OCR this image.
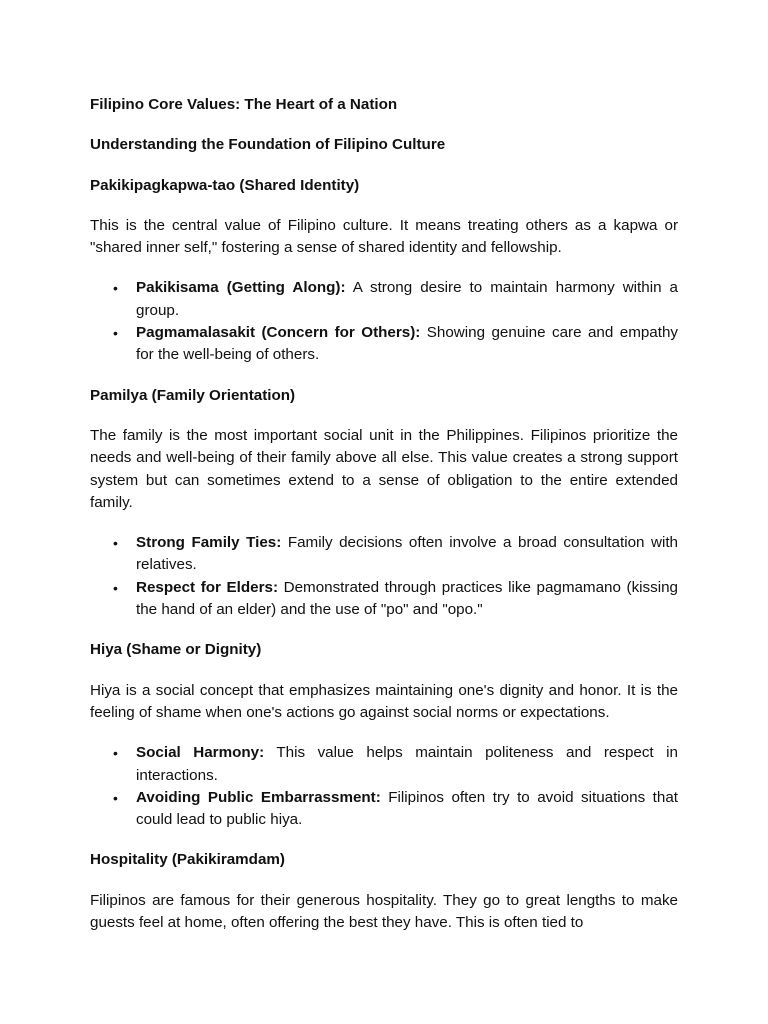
Filipino Core Values: The Heart of a Nation
Understanding the Foundation of Filipino Culture
Pakikipagkapwa-tao (Shared Identity)
This is the central value of Filipino culture. It means treating others as a kapwa or "shared inner self," fostering a sense of shared identity and fellowship.
• Pakikisama (Getting Along): A strong desire to maintain harmony within a group.
• Pagmamalasakit (Concern for Others): Showing genuine care and empathy for the well-being of others.
Pamilya (Family Orientation)
The family is the most important social unit in the Philippines. Filipinos prioritize the needs and well-being of their family above all else. This value creates a strong support system but can sometimes extend to a sense of obligation to the entire extended family.
• Strong Family Ties: Family decisions often involve a broad consultation with relatives.
• Respect for Elders: Demonstrated through practices like pagmamano (kissing the hand of an elder) and the use of "po" and "opo."
Hiya (Shame or Dignity)
Hiya is a social concept that emphasizes maintaining one's dignity and honor. It is the feeling of shame when one's actions go against social norms or expectations.
• Social Harmony: This value helps maintain politeness and respect in interactions.
• Avoiding Public Embarrassment: Filipinos often try to avoid situations that could lead to public hiya.
Hospitality (Pakikiramdam)
Filipinos are famous for their generous hospitality. They go to great lengths to make guests feel at home, often offering the best they have. This is often tied to
